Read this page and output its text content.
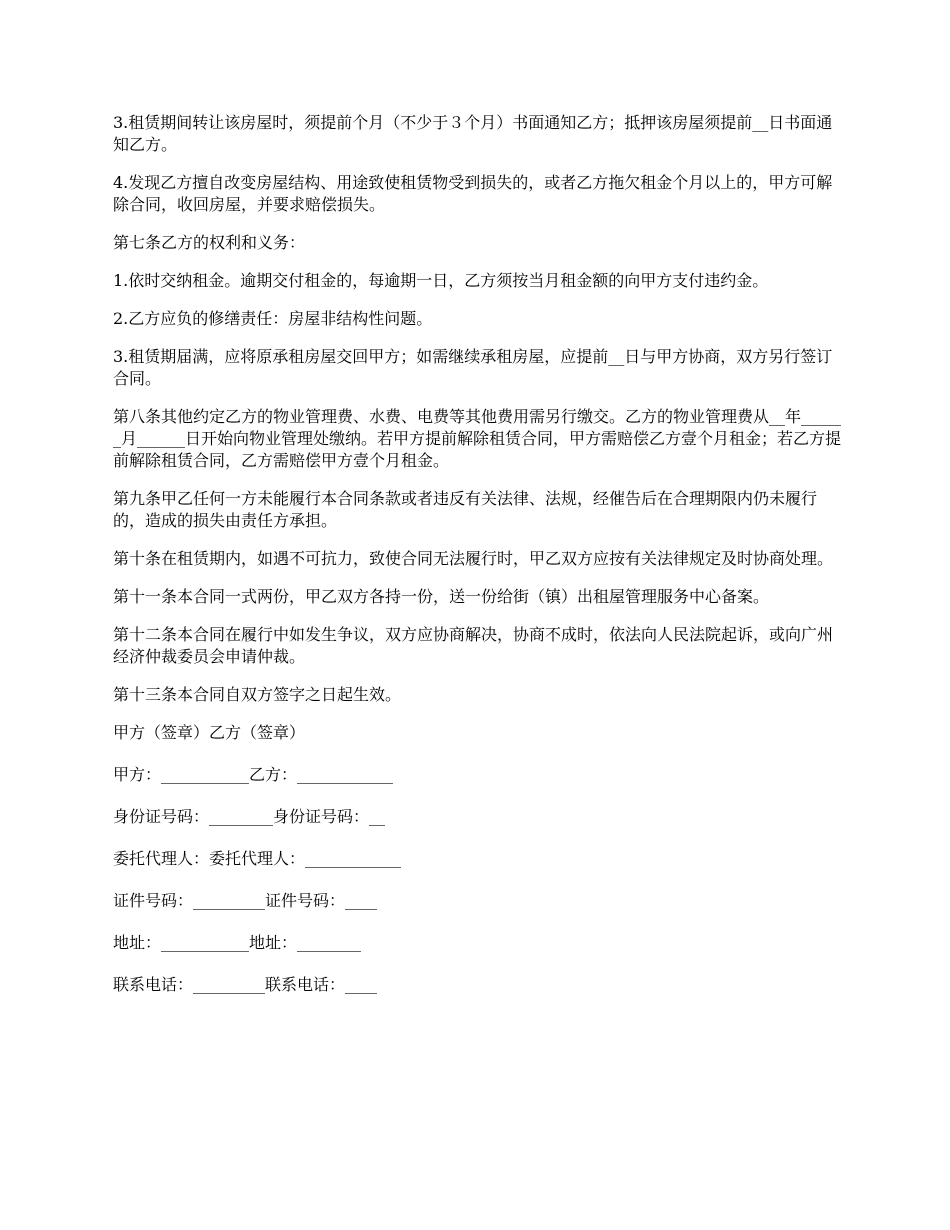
3.租赁期间转让该房屋时，须提前个月（不少于３个月）书面通知乙方；抵押该房屋须提前__日书面通知乙方。

4.发现乙方擅自改变房屋结构、用途致使租赁物受到损失的，或者乙方拖欠租金个月以上的，甲方可解除合同，收回房屋，并要求赔偿损失。

第七条乙方的权利和义务：

1.依时交纳租金。逾期交付租金的，每逾期一日，乙方须按当月租金额的向甲方支付违约金。

2.乙方应负的修缮责任：房屋非结构性问题。

3.租赁期届满，应将原承租房屋交回甲方；如需继续承租房屋，应提前__日与甲方协商，双方另行签订合同。

第八条其他约定乙方的物业管理费、水费、电费等其他费用需另行缴交。乙方的物业管理费从__年______月______日开始向物业管理处缴纳。若甲方提前解除租赁合同，甲方需赔偿乙方壹个月租金；若乙方提前解除租赁合同，乙方需赔偿甲方壹个月租金。

第九条甲乙任何一方未能履行本合同条款或者违反有关法律、法规，经催告后在合理期限内仍未履行的，造成的损失由责任方承担。

第十条在租赁期内，如遇不可抗力，致使合同无法履行时，甲乙双方应按有关法律规定及时协商处理。

第十一条本合同一式两份，甲乙双方各持一份，送一份给街（镇）出租屋管理服务中心备案。

第十二条本合同在履行中如发生争议，双方应协商解决，协商不成时，依法向人民法院起诉，或向广州经济仲裁委员会申请仲裁。

第十三条本合同自双方签字之日起生效。

甲方（签章）乙方（签章）

甲方：___________乙方：____________

身份证号码：________身份证号码：__

委托代理人：委托代理人：____________

证件号码：_________证件号码：____

地址：___________地址：________

联系电话：_________联系电话：____
